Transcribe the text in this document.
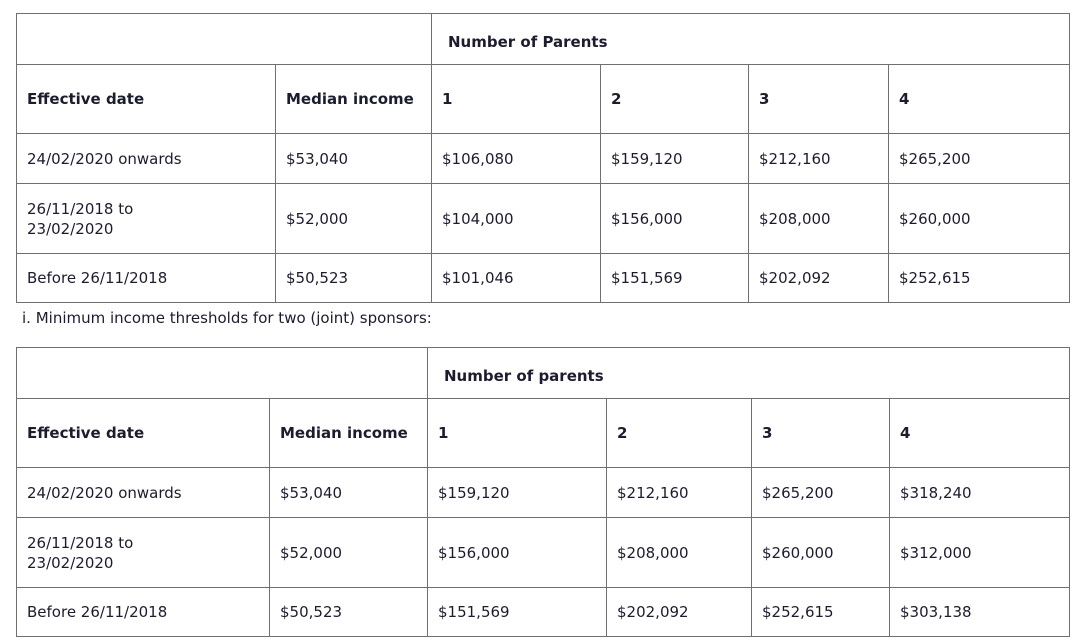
		Number of Parents			
Effective date	Median income	1	2	3	4
24/02/2020 onwards	$53,040	$106,080	$159,120	$212,160	$265,200
26/11/2018 to 23/02/2020	$52,000	$104,000	$156,000	$208,000	$260,000
Before 26/11/2018	$50,523	$101,046	$151,569	$202,092	$252,615
i. Minimum income thresholds for two (joint) sponsors:
		Number of parents			
Effective date	Median income	1	2	3	4
24/02/2020 onwards	$53,040	$159,120	$212,160	$265,200	$318,240
26/11/2018 to 23/02/2020	$52,000	$156,000	$208,000	$260,000	$312,000
Before 26/11/2018	$50,523	$151,569	$202,092	$252,615	$303,138
